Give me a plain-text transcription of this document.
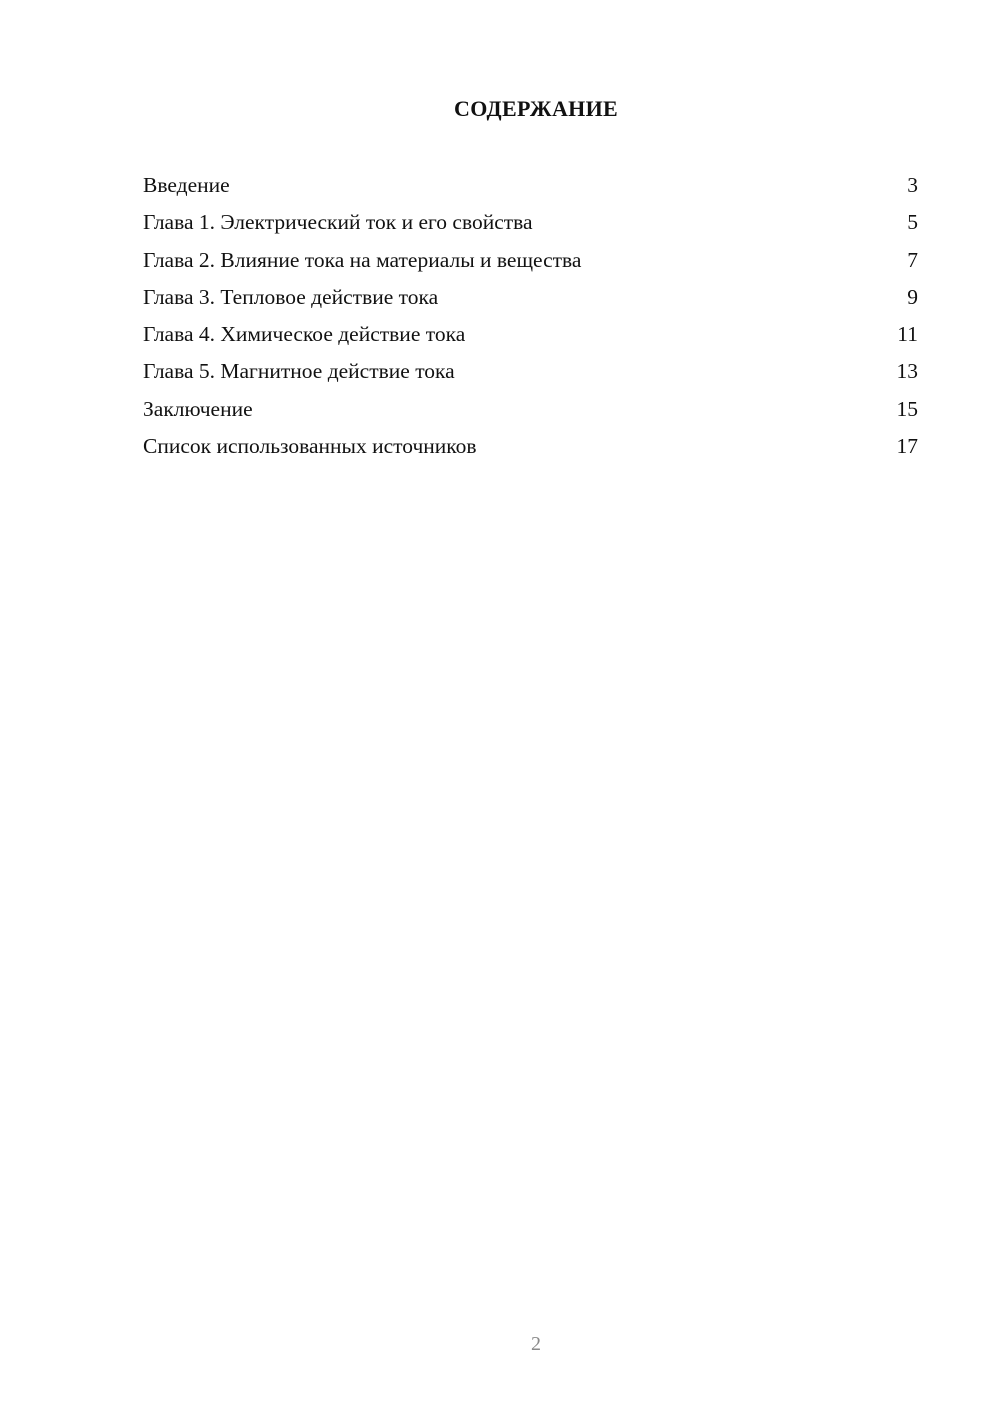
СОДЕРЖАНИЕ
Введение	3
Глава 1. Электрический ток и его свойства	5
Глава 2. Влияние тока на материалы и вещества	7
Глава 3. Тепловое действие тока	9
Глава 4. Химическое действие тока	11
Глава 5. Магнитное действие тока	13
Заключение	15
Список использованных источников	17
2
